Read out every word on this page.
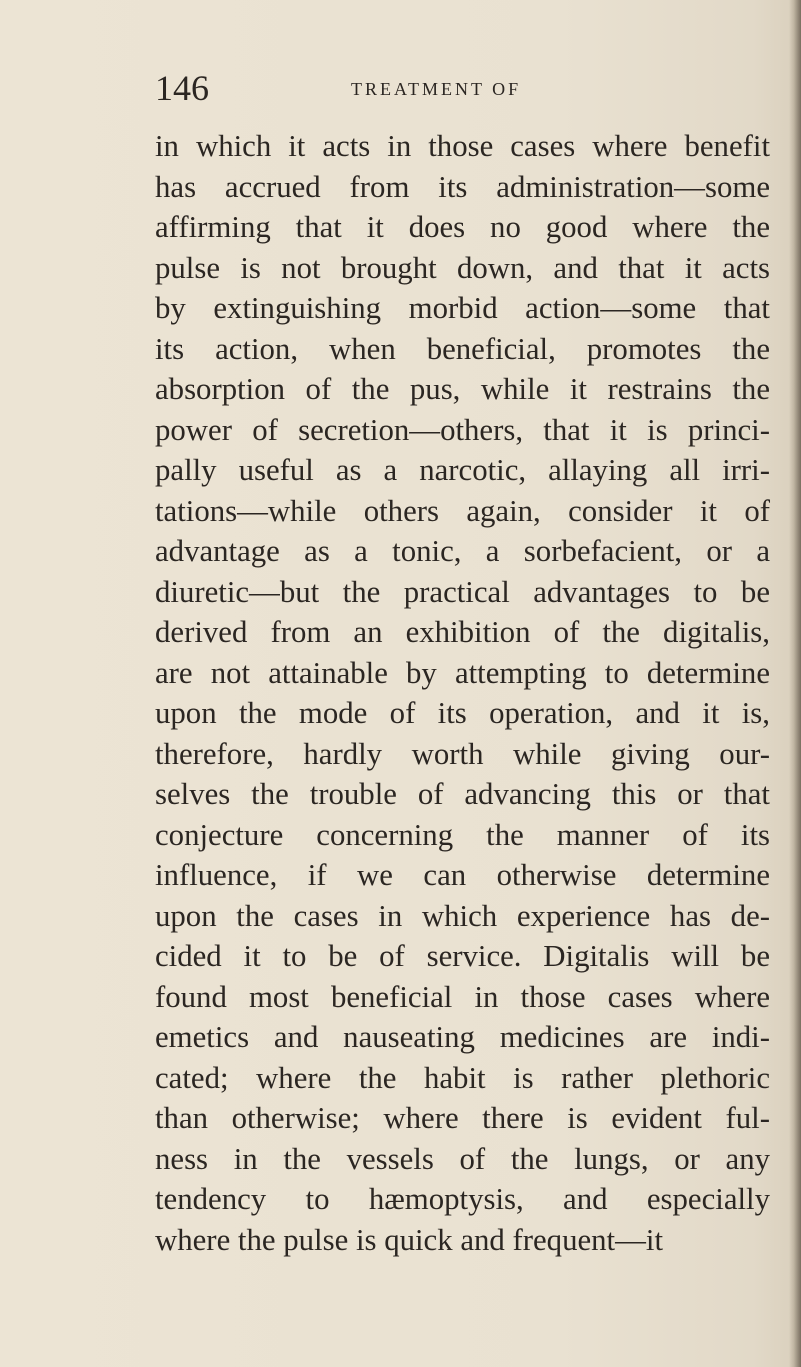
146	TREATMENT OF
in which it acts in those cases where benefit
has accrued from its administration—some
affirming that it does no good where the
pulse is not brought down, and that it acts
by extinguishing morbid action—some that
its action, when beneficial, promotes the
absorption of the pus, while it restrains the
power of secretion—others, that it is princi-
pally useful as a narcotic, allaying all irri-
tations—while others again, consider it of
advantage as a tonic, a sorbefacient, or a
diuretic—but the practical advantages to be
derived from an exhibition of the digitalis,
are not attainable by attempting to determine
upon the mode of its operation, and it is,
therefore, hardly worth while giving our-
selves the trouble of advancing this or that
conjecture concerning the manner of its
influence, if we can otherwise determine
upon the cases in which experience has de-
cided it to be of service. Digitalis will be
found most beneficial in those cases where
emetics and nauseating medicines are indi-
cated; where the habit is rather plethoric
than otherwise; where there is evident ful-
ness in the vessels of the lungs, or any
tendency to hæmoptysis, and especially
where the pulse is quick and frequent—it
